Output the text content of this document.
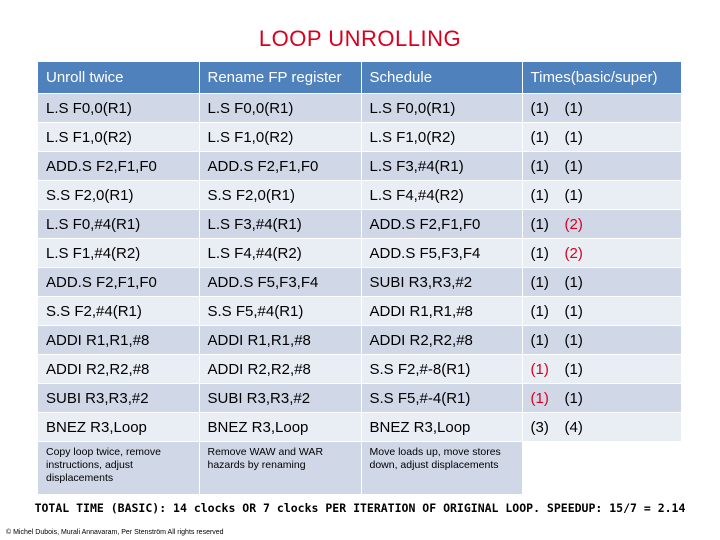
LOOP UNROLLING
Unroll twice	Rename FP register	Schedule	Times(basic/super)
L.S F0,0(R1)	L.S F0,0(R1)	L.S F0,0(R1)	(1) (1)
L.S F1,0(R2)	L.S F1,0(R2)	L.S F1,0(R2)	(1) (1)
ADD.S F2,F1,F0	ADD.S F2,F1,F0	L.S F3,#4(R1)	(1) (1)
S.S F2,0(R1)	S.S F2,0(R1)	L.S F4,#4(R2)	(1) (1)
L.S F0,#4(R1)	L.S F3,#4(R1)	ADD.S F2,F1,F0	(1) (2)
L.S F1,#4(R2)	L.S F4,#4(R2)	ADD.S F5,F3,F4	(1) (2)
ADD.S F2,F1,F0	ADD.S F5,F3,F4	SUBI R3,R3,#2	(1) (1)
S.S F2,#4(R1)	S.S F5,#4(R1)	ADDI R1,R1,#8	(1) (1)
ADDI R1,R1,#8	ADDI R1,R1,#8	ADDI R2,R2,#8	(1) (1)
ADDI R2,R2,#8	ADDI R2,R2,#8	S.S F2,#-8(R1)	(1) (1)
SUBI R3,R3,#2	SUBI R3,R3,#2	S.S F5,#-4(R1)	(1) (1)
BNEZ R3,Loop	BNEZ R3,Loop	BNEZ R3,Loop	(3) (4)
Copy loop twice, remove instructions, adjust displacements	Remove WAW and WAR hazards by renaming	Move loads up, move stores down, adjust displacements	
TOTAL TIME (BASIC): 14 clocks OR 7 clocks PER ITERATION OF ORIGINAL LOOP. SPEEDUP: 15/7 = 2.14
© Michel Dubois, Murali Annavaram, Per Stenström All rights reserved
